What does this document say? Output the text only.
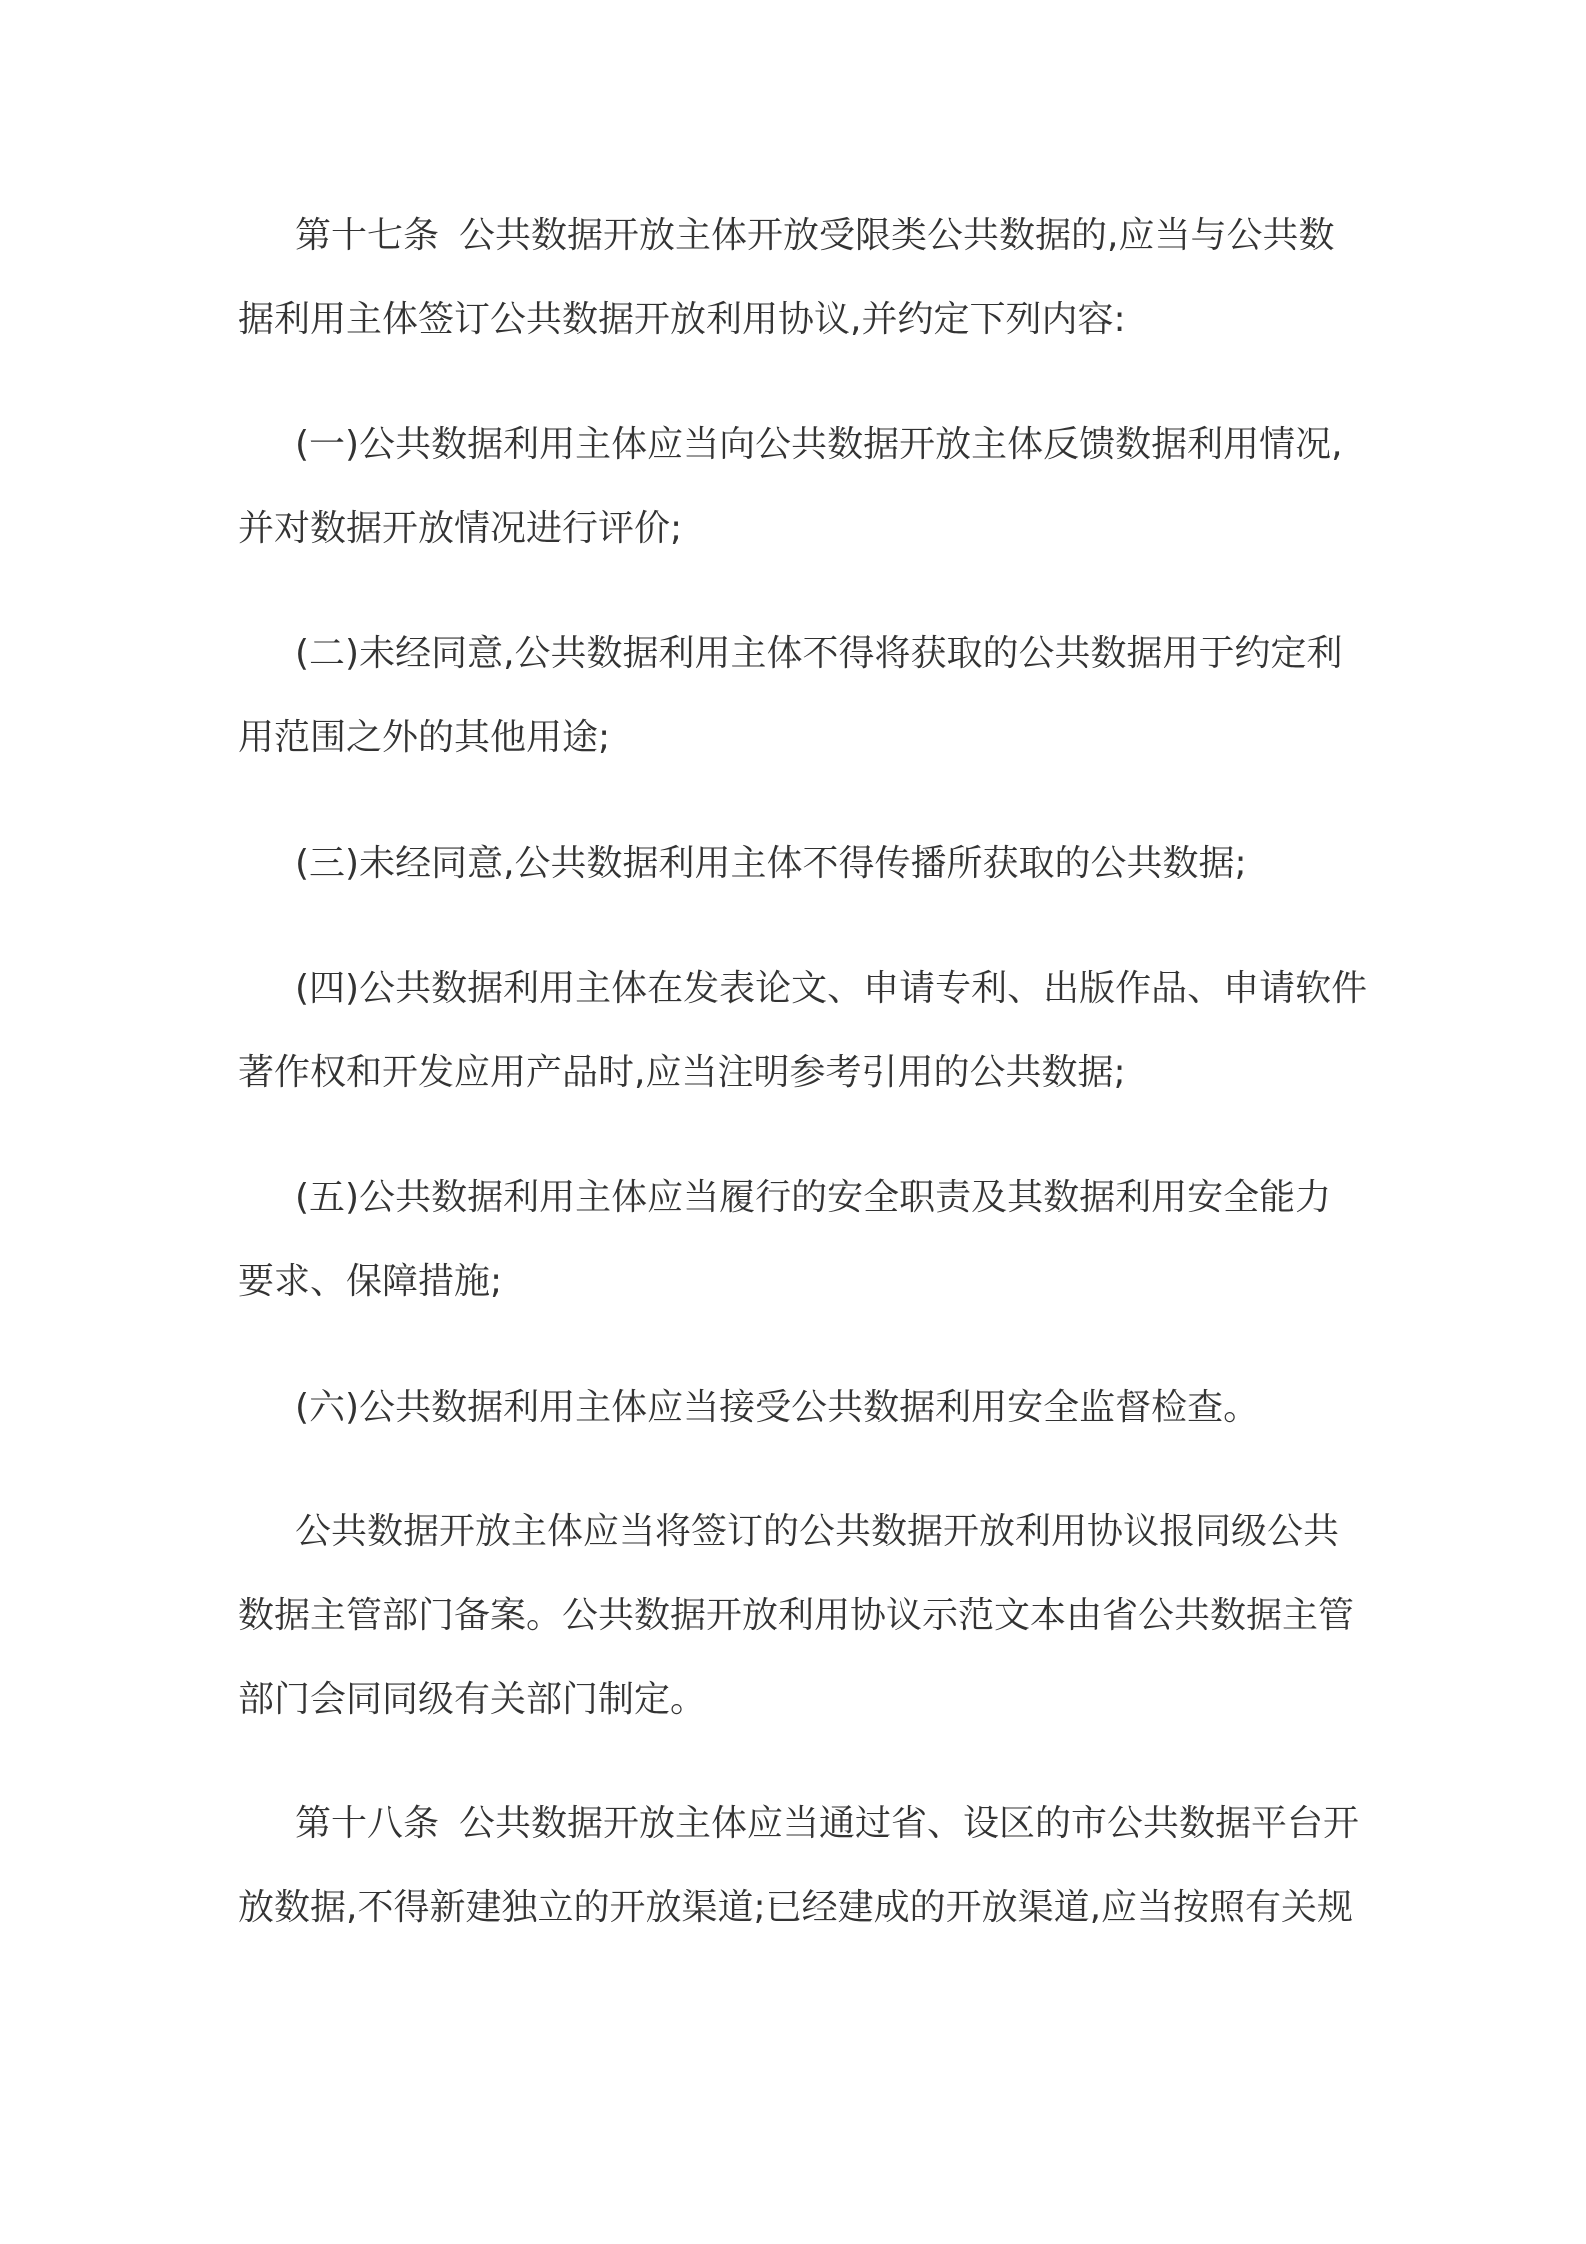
第十七条 公共数据开放主体开放受限类公共数据的,应当与公共数
据利用主体签订公共数据开放利用协议,并约定下列内容:

(一)公共数据利用主体应当向公共数据开放主体反馈数据利用情况,
并对数据开放情况进行评价;

(二)未经同意,公共数据利用主体不得将获取的公共数据用于约定利
用范围之外的其他用途;

(三)未经同意,公共数据利用主体不得传播所获取的公共数据;

(四)公共数据利用主体在发表论文、申请专利、出版作品、申请软件
著作权和开发应用产品时,应当注明参考引用的公共数据;

(五)公共数据利用主体应当履行的安全职责及其数据利用安全能力
要求、保障措施;

(六)公共数据利用主体应当接受公共数据利用安全监督检查。

公共数据开放主体应当将签订的公共数据开放利用协议报同级公共
数据主管部门备案。公共数据开放利用协议示范文本由省公共数据主管
部门会同同级有关部门制定。

第十八条 公共数据开放主体应当通过省、设区的市公共数据平台开
放数据,不得新建独立的开放渠道;已经建成的开放渠道,应当按照有关规
